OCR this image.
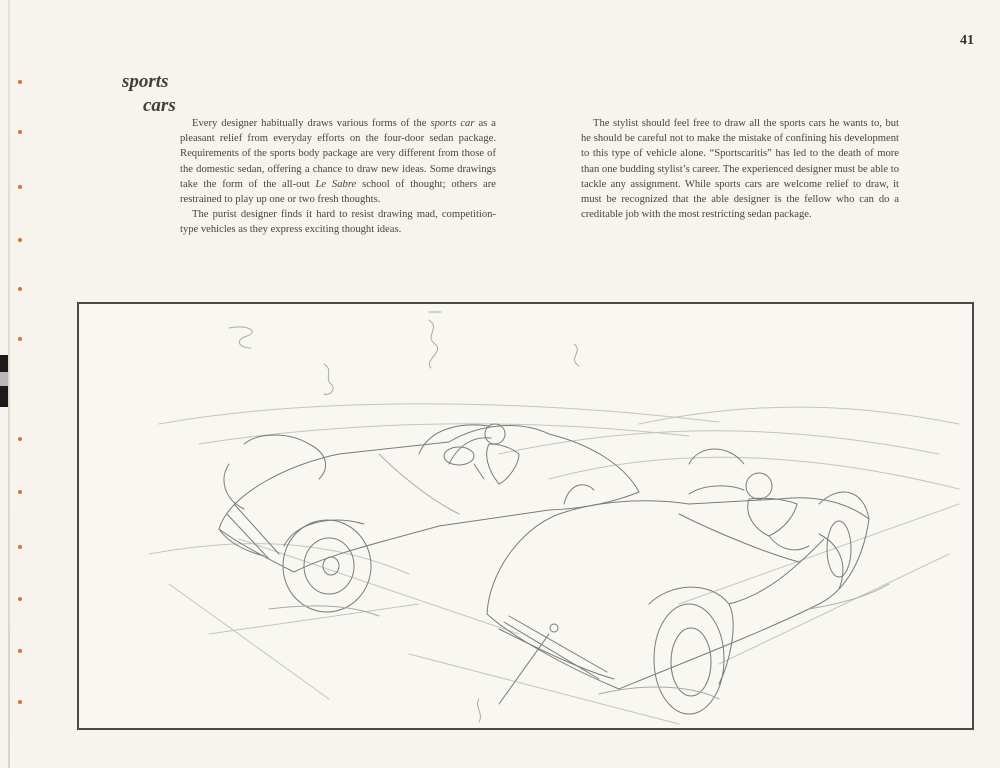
41
sports
cars

Every designer habitually draws various forms of the sports car as a pleasant relief from everyday efforts on the four-door sedan package. Requirements of the sports body package are very different from those of the domestic sedan, offering a chance to draw new ideas. Some drawings take the form of the all-out Le Sabre school of thought; others are restrained to play up one or two fresh thoughts.

The purist designer finds it hard to resist drawing mad, competition-type vehicles as they express exciting thought ideas.

The stylist should feel free to draw all the sports cars he wants to, but he should be careful not to make the mistake of confining his development to this type of vehicle alone. “Sportscaritis” has led to the death of more than one budding stylist’s career. The experienced designer must be able to tackle any assignment. While sports cars are welcome relief to draw, it must be recognized that the able designer is the fellow who can do a creditable job with the most restricting sedan package.
